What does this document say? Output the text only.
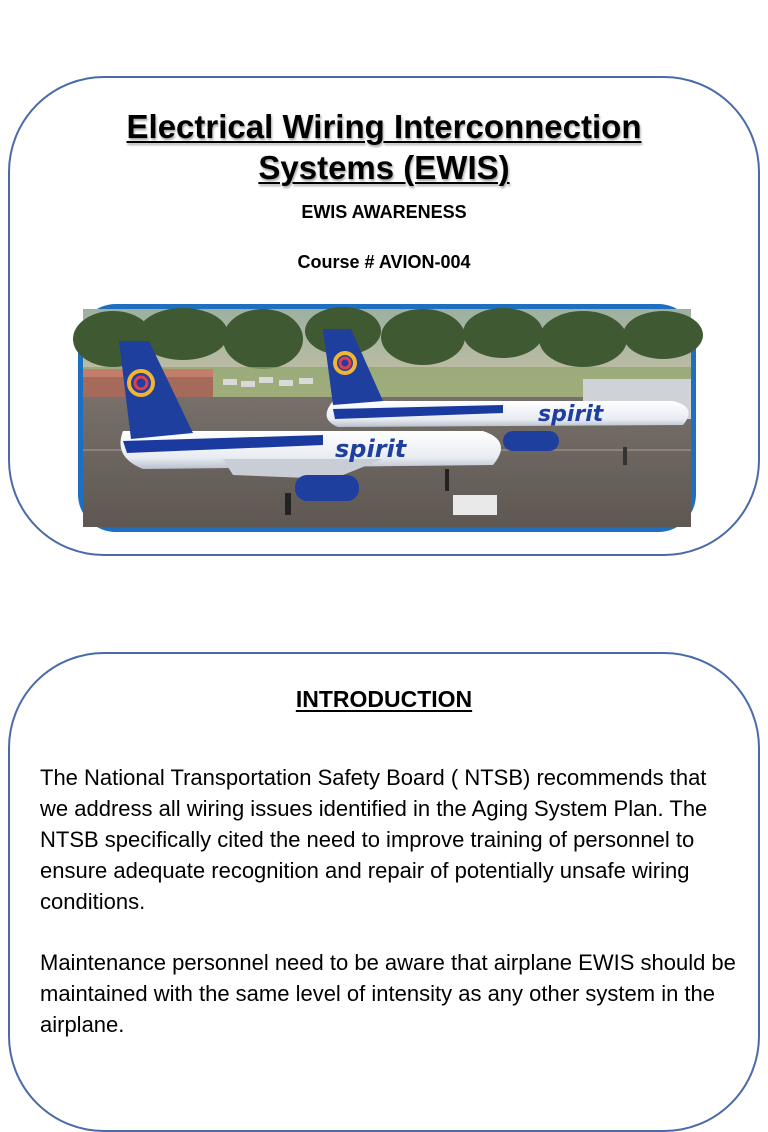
Electrical Wiring Interconnection
Systems (EWIS)
EWIS AWARENESS
Course # AVION-004
spirit
spirit
INTRODUCTION

The National Transportation Safety Board ( NTSB) recommends that we address all wiring issues identified in the Aging System Plan. The NTSB specifically cited the need to improve training of personnel to ensure adequate recognition and repair of potentially unsafe wiring conditions.

Maintenance personnel need to be aware that airplane EWIS should be maintained with the same level of intensity as any other system in the airplane.
